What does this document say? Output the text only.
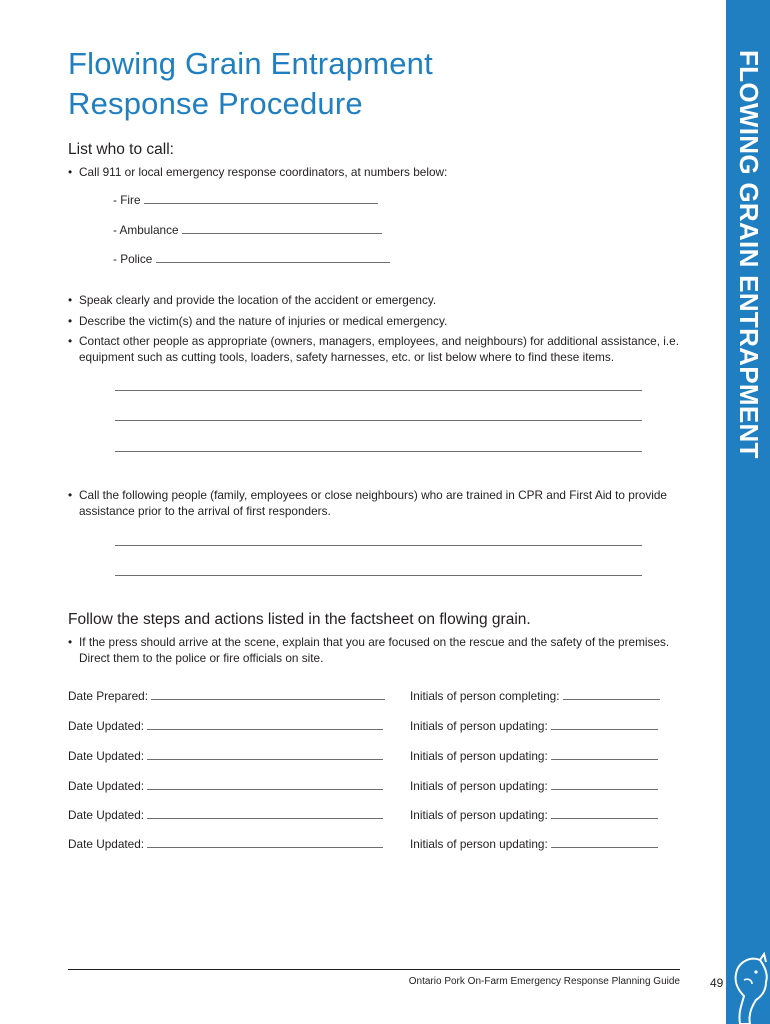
Flowing Grain Entrapment
Response Procedure
List who to call:
• Call 911 or local emergency response coordinators, at numbers below:
- Fire
- Ambulance
- Police
• Speak clearly and provide the location of the accident or emergency.
• Describe the victim(s) and the nature of injuries or medical emergency.
• Contact other people as appropriate (owners, managers, employees, and neighbours) for additional assistance, i.e. equipment such as cutting tools, loaders, safety harnesses, etc. or list below where to find these items.
• Call the following people (family, employees or close neighbours) who are trained in CPR and First Aid to provide assistance prior to the arrival of first responders.
Follow the steps and actions listed in the factsheet on flowing grain.
• If the press should arrive at the scene, explain that you are focused on the rescue and the safety of the premises. Direct them to the police or fire officials on site.
Date Prepared:	Initials of person completing:
Date Updated:	Initials of person updating:
Date Updated:	Initials of person updating:
Date Updated:	Initials of person updating:
Date Updated:	Initials of person updating:
Date Updated:	Initials of person updating:
FLOWING GRAIN ENTRAPMENT
Ontario Pork On-Farm Emergency Response Planning Guide	49
